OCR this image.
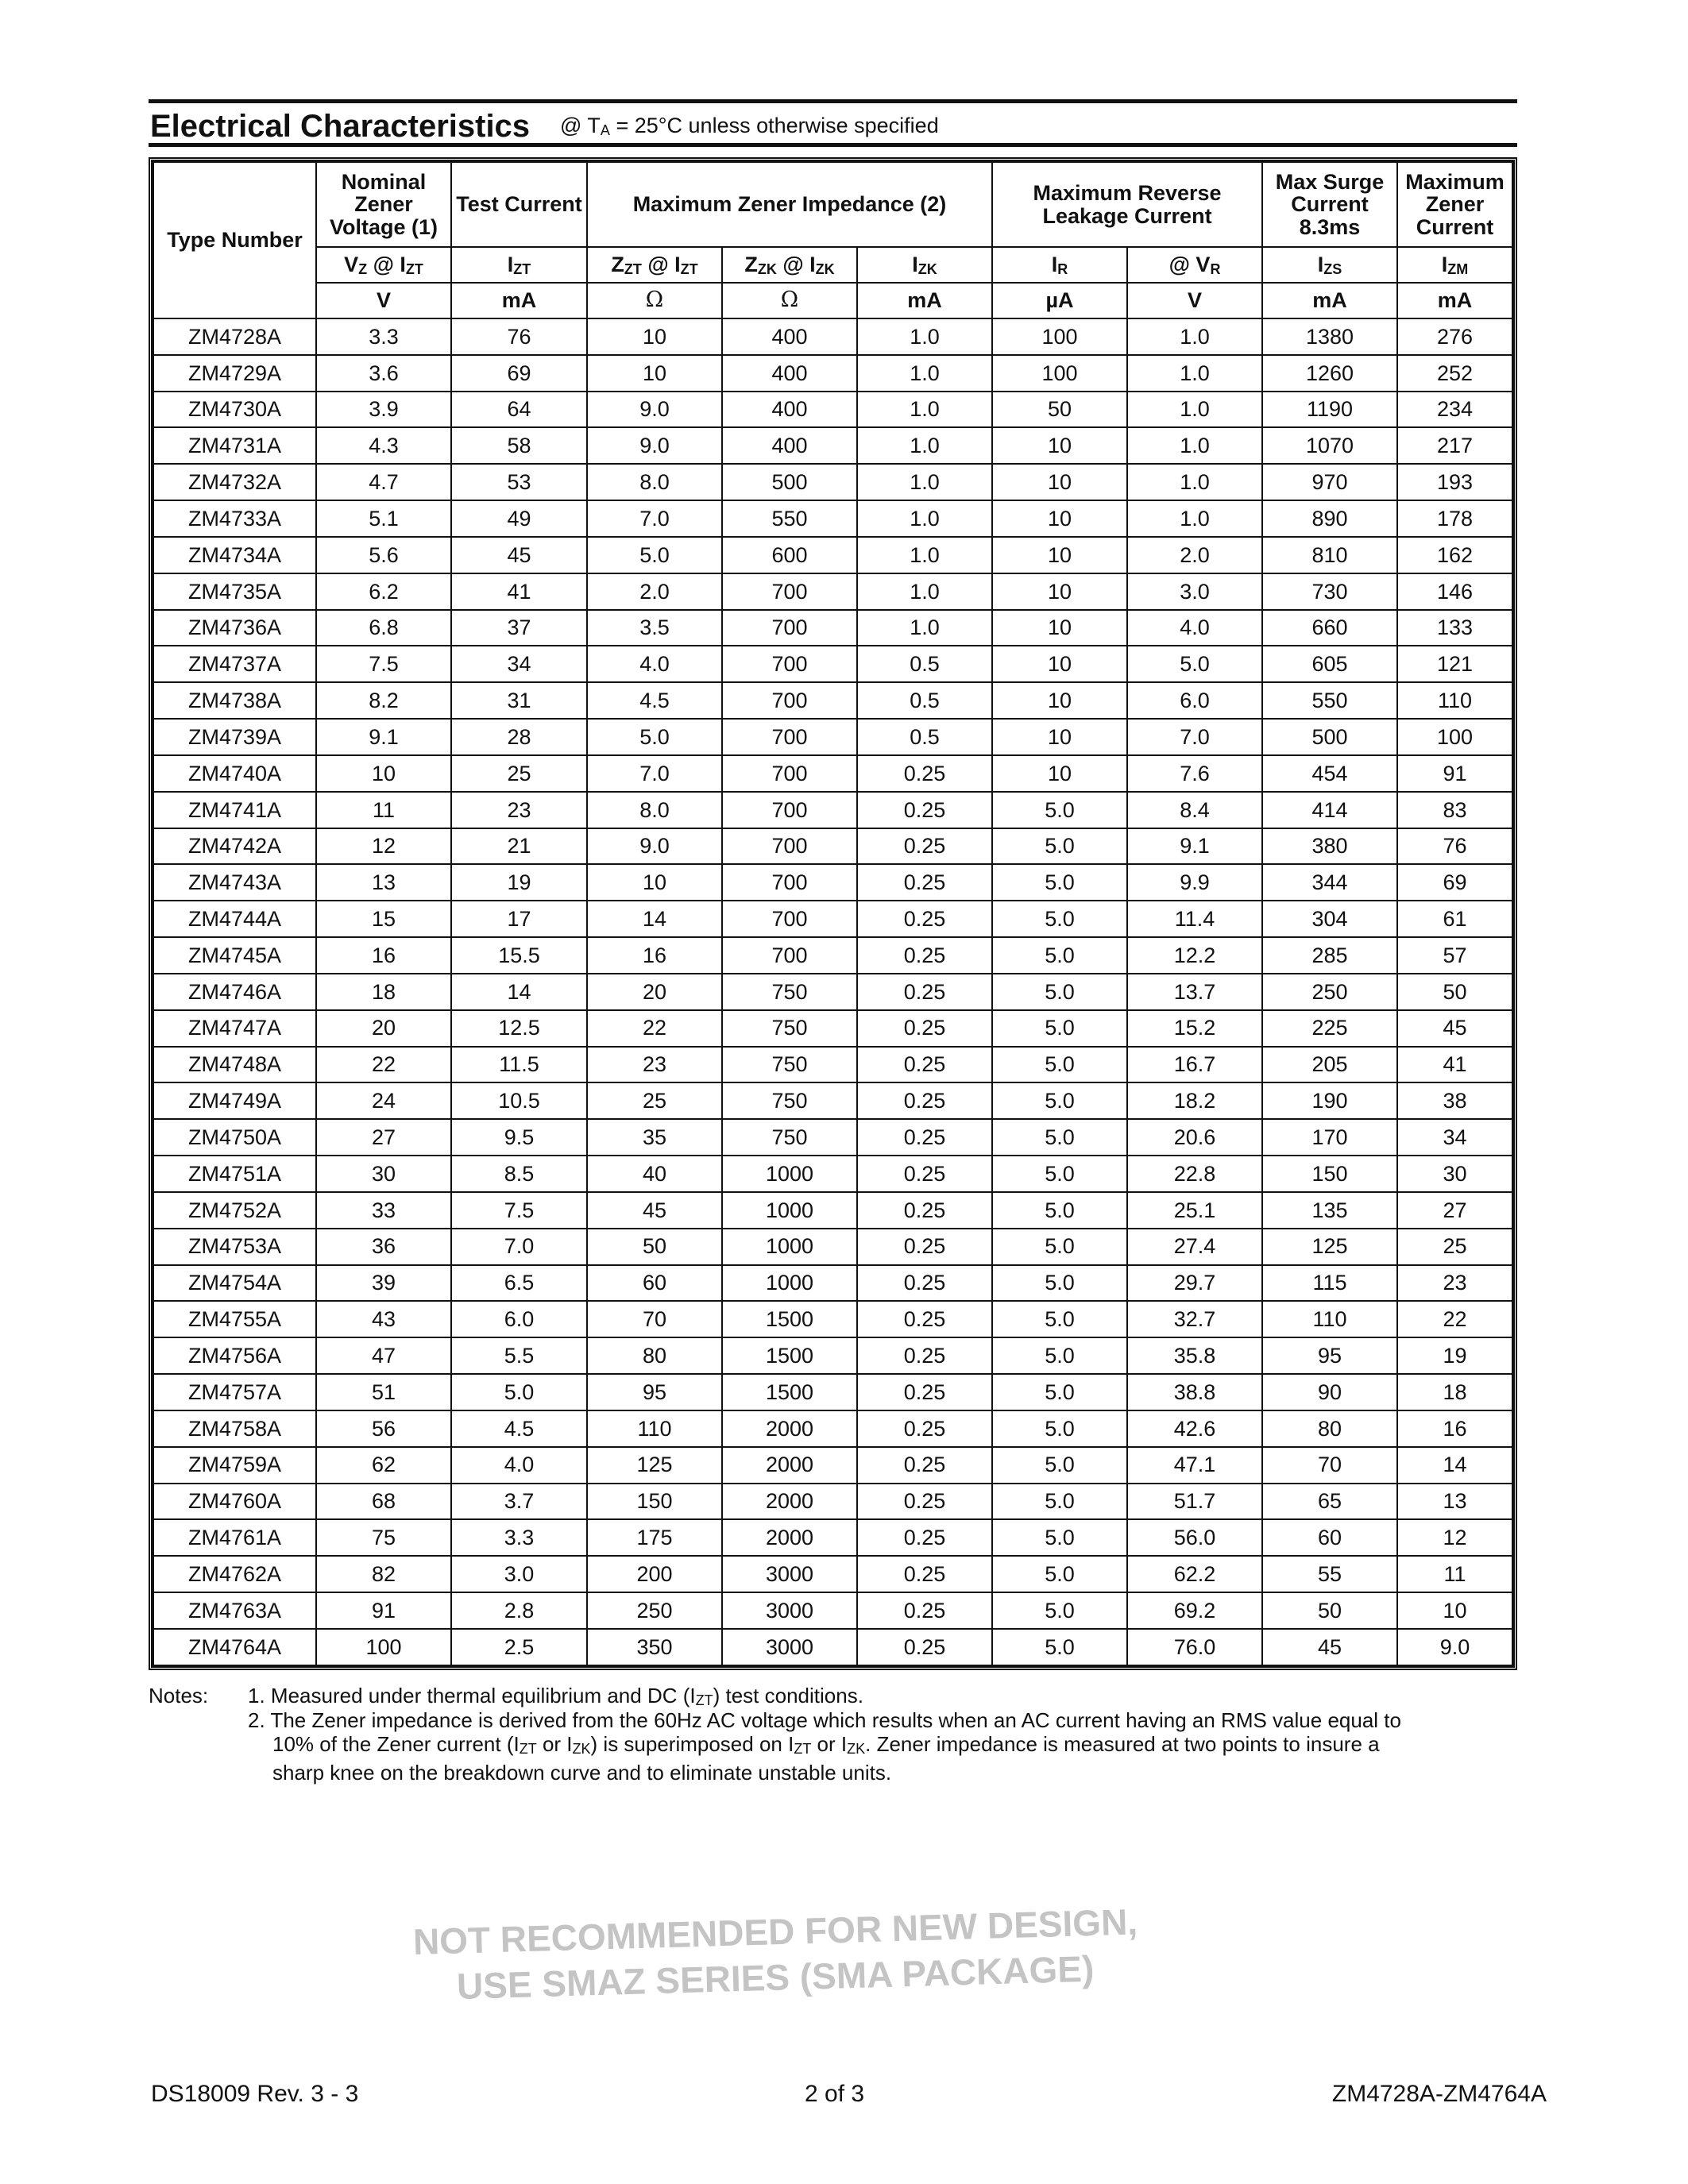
Electrical Characteristics @ $T_A = 25^\circ C$ unless otherwise specified
Type Number	Nominal Zener Voltage (1)	Test Current	Maximum Zener Impedance (2)			Maximum Reverse Leakage Current		Max Surge Current 8.3ms	Maximum Zener Current
	$V_Z$ @ $I_{ZT}$	$I_{ZT}$	$Z_{ZT}$ @ $I_{ZT}$	$Z_{ZK}$ @ $I_{ZK}$	$I_{ZK}$	$I_R$	@ $V_R$	$I_{ZS}$	$I_{ZM}$
	V	mA	Ω	Ω	mA	µA	V	mA	mA
ZM4728A	3.3	76	10	400	1.0	100	1.0	1380	276
ZM4729A	3.6	69	10	400	1.0	100	1.0	1260	252
ZM4730A	3.9	64	9.0	400	1.0	50	1.0	1190	234
ZM4731A	4.3	58	9.0	400	1.0	10	1.0	1070	217
ZM4732A	4.7	53	8.0	500	1.0	10	1.0	970	193
ZM4733A	5.1	49	7.0	550	1.0	10	1.0	890	178
ZM4734A	5.6	45	5.0	600	1.0	10	2.0	810	162
ZM4735A	6.2	41	2.0	700	1.0	10	3.0	730	146
ZM4736A	6.8	37	3.5	700	1.0	10	4.0	660	133
ZM4737A	7.5	34	4.0	700	0.5	10	5.0	605	121
ZM4738A	8.2	31	4.5	700	0.5	10	6.0	550	110
ZM4739A	9.1	28	5.0	700	0.5	10	7.0	500	100
ZM4740A	10	25	7.0	700	0.25	10	7.6	454	91
ZM4741A	11	23	8.0	700	0.25	5.0	8.4	414	83
ZM4742A	12	21	9.0	700	0.25	5.0	9.1	380	76
ZM4743A	13	19	10	700	0.25	5.0	9.9	344	69
ZM4744A	15	17	14	700	0.25	5.0	11.4	304	61
ZM4745A	16	15.5	16	700	0.25	5.0	12.2	285	57
ZM4746A	18	14	20	750	0.25	5.0	13.7	250	50
ZM4747A	20	12.5	22	750	0.25	5.0	15.2	225	45
ZM4748A	22	11.5	23	750	0.25	5.0	16.7	205	41
ZM4749A	24	10.5	25	750	0.25	5.0	18.2	190	38
ZM4750A	27	9.5	35	750	0.25	5.0	20.6	170	34
ZM4751A	30	8.5	40	1000	0.25	5.0	22.8	150	30
ZM4752A	33	7.5	45	1000	0.25	5.0	25.1	135	27
ZM4753A	36	7.0	50	1000	0.25	5.0	27.4	125	25
ZM4754A	39	6.5	60	1000	0.25	5.0	29.7	115	23
ZM4755A	43	6.0	70	1500	0.25	5.0	32.7	110	22
ZM4756A	47	5.5	80	1500	0.25	5.0	35.8	95	19
ZM4757A	51	5.0	95	1500	0.25	5.0	38.8	90	18
ZM4758A	56	4.5	110	2000	0.25	5.0	42.6	80	16
ZM4759A	62	4.0	125	2000	0.25	5.0	47.1	70	14
ZM4760A	68	3.7	150	2000	0.25	5.0	51.7	65	13
ZM4761A	75	3.3	175	2000	0.25	5.0	56.0	60	12
ZM4762A	82	3.0	200	3000	0.25	5.0	62.2	55	11
ZM4763A	91	2.8	250	3000	0.25	5.0	69.2	50	10
ZM4764A	100	2.5	350	3000	0.25	5.0	76.0	45	9.0
Notes: 1. Measured under thermal equilibrium and DC $(I_{ZT})$ test conditions.
2. The Zener impedance is derived from the 60Hz AC voltage which results when an AC current having an RMS value equal to
10% of the Zener current ($I_{ZT}$ or $I_{ZK}$) is superimposed on $I_{ZT}$ or $I_{ZK}$. Zener impedance is measured at two points to insure a
sharp knee on the breakdown curve and to eliminate unstable units.
NOT RECOMMENDED FOR NEW DESIGN,
USE SMAZ SERIES (SMA PACKAGE)
DS18009 Rev. 3 - 3	2 of 3	ZM4728A-ZM4764A
